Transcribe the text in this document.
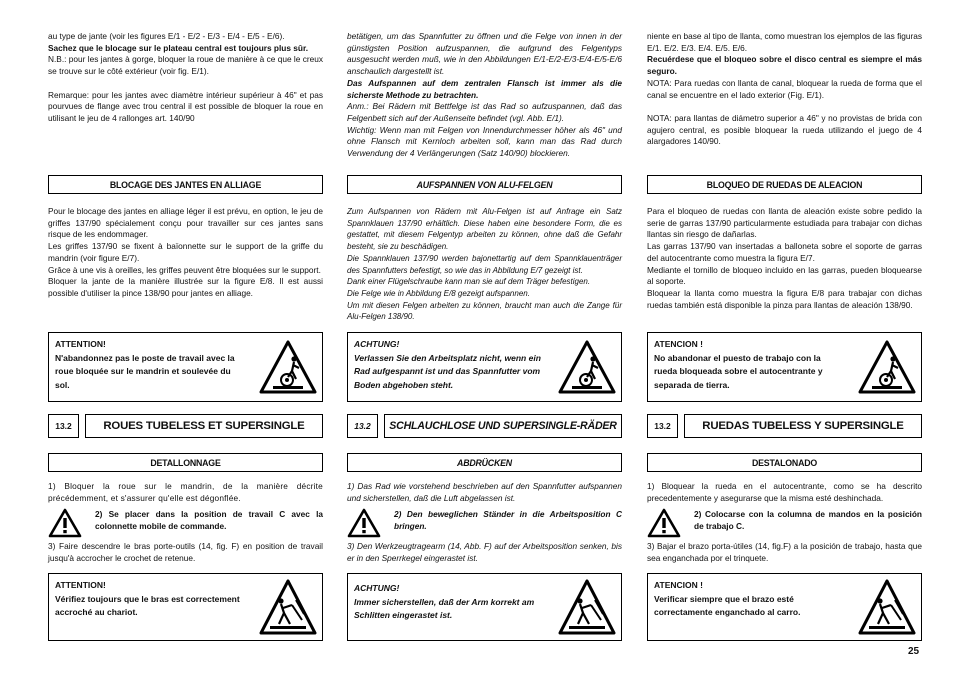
au type de jante (voir les figures E/1 - E/2 - E/3 - E/4 - E/5 - E/6).

Sachez que le blocage sur le plateau central est toujours plus sûr.

N.B.: pour les jantes à gorge, bloquer la roue de manière à ce que le creux se trouve sur le côté extérieur (voir fig. E/1).

Remarque: pour les jantes avec diamètre intérieur supérieur à 46" et pas pourvues de flange avec trou central il est possible de bloquer la roue en utilisant le jeu de 4 rallonges art. 140/90

BLOCAGE DES JANTES EN ALLIAGE

Pour le blocage des jantes en alliage léger il est prévu, en option, le jeu de griffes 137/90 spécialement conçu pour travailler sur ces jantes sans risque de les endommager.

Les griffes 137/90 se fixent à baïonnette sur le support de la griffe du mandrin (voir figure E/7).

Grâce à une vis à oreilles, les griffes peuvent être bloquées sur le support.

Bloquer la jante de la manière illustrée sur la figure E/8. Il est aussi possible d'utiliser la pince 138/90 pour jantes en alliage.

ATTENTION!
N'abandonnez pas le poste de travail avec la roue bloquée sur le mandrin et soulevée du sol.
13.2	ROUES TUBELESS ET SUPERSINGLE
DETALLONNAGE
1) Bloquer la roue sur le mandrin, de la manière décrite précédemment, et s'assurer qu'elle est dégonflée.
2) Se placer dans la position de travail C avec la colonnette mobile de commande.
3) Faire descendre le bras porte-outils (14, fig. F) en position de travail jusqu'à accrocher le crochet de retenue.
ATTENTION!
Vérifiez toujours que le bras est correctement accroché au chariot.

betätigen, um das Spannfutter zu öffnen und die Felge von innen in der günstigsten Position aufzuspannen, die aufgrund des Felgentyps ausgesucht werden muß, wie in den Abbildungen E/1-E/2-E/3-E/4-E/5-E/6 anschaulich dargestellt ist.

Das Aufspannen auf dem zentralen Flansch ist immer als die sicherste Methode zu betrachten.

Anm.: Bei Rädern mit Bettfelge ist das Rad so aufzuspannen, daß das Felgenbett sich auf der Außenseite befindet (vgl. Abb. E/1).

Wichtig: Wenn man mit Felgen von Innendurchmesser höher als 46" und ohne Flansch mit Kernloch arbeiten soll, kann man das Rad durch Verwendung der 4 Verlängerungen (Satz 140/90) blockieren.

AUFSPANNEN VON ALU-FELGEN

Zum Aufspannen von Rädern mit Alu-Felgen ist auf Anfrage ein Satz Spannklauen 137/90 erhältlich. Diese haben eine besondere Form, die es gestattet, mit diesem Felgentyp arbeiten zu können, ohne daß die Gefahr besteht, sie zu beschädigen.

Die Spannklauen 137/90 werden bajonettartig auf dem Spannklauenträger des Spannfutters befestigt, so wie das in Abbildung E/7 gezeigt ist.

Dank einer Flügelschraube kann man sie auf dem Träger befestigen.

Die Felge wie in Abbildung E/8 gezeigt aufspannen.

Um mit diesen Felgen arbeiten zu können, braucht man auch die Zange für Alu-Felgen 138/90.

ACHTUNG!
Verlassen Sie den Arbeitsplatz nicht, wenn ein Rad aufgespannt ist und das Spannfutter vom Boden abgehoben steht.
13.2	SCHLAUCHLOSE UND SUPERSINGLE-RÄDER
ABDRÜCKEN
1) Das Rad wie vorstehend beschrieben auf den Spannfutter aufspannen und sicherstellen, daß die Luft abgelassen ist.
2) Den beweglichen Ständer in die Arbeitsposition C bringen.
3) Den Werkzeugtragearm (14, Abb. F) auf der Arbeitsposition senken, bis er in den Sperrkegel eingerastet ist.
ACHTUNG!
Immer sicherstellen, daß der Arm korrekt am Schlitten eingerastet ist.

niente en base al tipo de llanta, como muestran los ejemplos de las figuras E/1. E/2. E/3. E/4. E/5. E/6.

Recuérdese que el bloqueo sobre el disco central es siempre el más seguro.

NOTA: Para ruedas con llanta de canal, bloquear la rueda de forma que el canal se encuentre en el lado exterior (Fig. E/1).

NOTA: para llantas de diámetro superior a 46" y no provistas de brida con agujero central, es posible bloquear la rueda utilizando el juego de 4 alargadores 140/90.

BLOQUEO DE RUEDAS DE ALEACION

Para el bloqueo de ruedas con llanta de aleación existe sobre pedido la serie de garras 137/90 particularmente estudiada para trabajar con dichas llantas sin riesgo de dañarlas.

Las garras 137/90 van insertadas a balloneta sobre el soporte de garras del autocentrante como muestra la figura E/7.

Mediante el tornillo de bloqueo incluido en las garras, pueden bloquearse al soporte.

Bloquear la llanta como muestra la figura E/8 para trabajar con dichas ruedas también está disponible la pinza para llantas de aleación 138/90.

ATENCION !
No abandonar el puesto de trabajo con la rueda bloqueada sobre el autocentrante y separada de tierra.
13.2	RUEDAS TUBELESS Y SUPERSINGLE
DESTALONADO
1) Bloquear la rueda en el autocentrante, como se ha descrito precedentemente y asegurarse que la misma esté deshinchada.
2) Colocarse con la columna de mandos en la posición de trabajo C.
3) Bajar el brazo porta-útiles (14, fig.F) a la posición de trabajo, hasta que sea enganchada por el trinquete.
ATENCION !
Verificar siempre que el brazo esté correctamente enganchado al carro.
25
